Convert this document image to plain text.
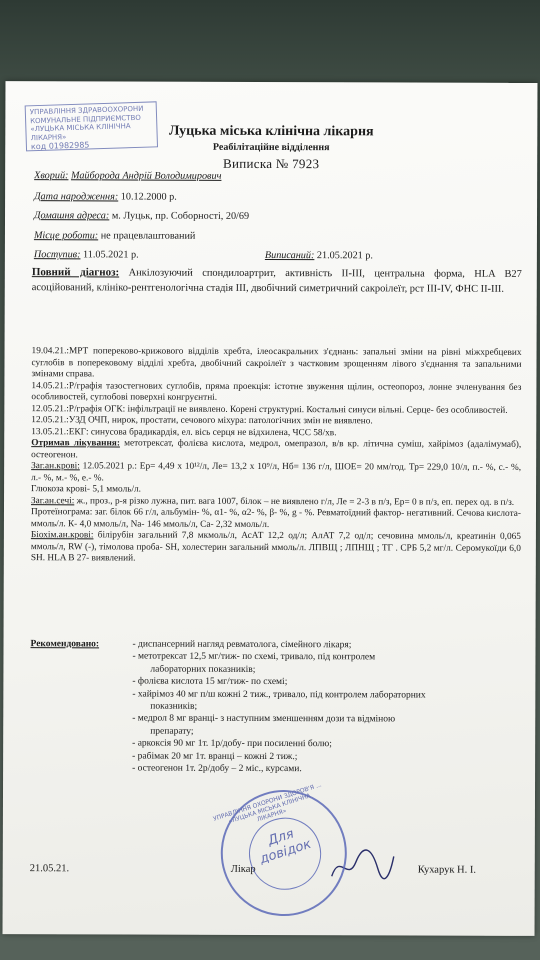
УПРАВЛІННЯ ЗДРАВООХОРОНИ
КОМУНАЛЬНЕ ПІДПРИЄМСТВО
«ЛУЦЬКА МІСЬКА КЛІНІЧНА
ЛІКАРНЯ»
код 01982985
Луцька міська клінічна лікарня
Реабілітаційне відділення
Виписка № 7923
Хворий: Майборода Андрій Володимирович
Дата народження: 10.12.2000 р.
Домашня адреса: м. Луцьк, пр. Соборності, 20/69
Місце роботи: не працевлаштований
Поступив: 11.05.2021 р.	Виписаний: 21.05.2021 р.
Повний діагноз: Анкілозуючий спондилоартрит, активність ІІ-ІІІ, центральна форма, HLA B27 асоційований, клініко-рентгенологічна стадія ІІІ, двобічний симетричний сакроілеїт, рст ІІІ-IV, ФНС ІІ-ІІІ.

19.04.21.:МРТ попереково-крижового відділів хребта, ілеосакральних з'єднань: запальні зміни на рівні міжхребцевих суглобів в поперековому відділі хребта, двобічний сакроілеїт з частковим зрощенням лівого з'єднання та запальними змінами справа.

14.05.21.:Р/графія тазостегнових суглобів, пряма проекція: істотне звуження щілин, остеопороз, лонне зчленування без особливостей, суглобові поверхні конгруєнтні.

12.05.21.:Р/графія ОГК: інфільтрації не виявлено. Корені структурні. Костальні синуси вільні. Серце- без особливостей.

12.05.21.:УЗД ОЧП, нирок, простати, сечового міхура: патологічних змін не виявлено.

13.05.21.:ЕКГ: синусова брадикардія, ел. вісь серця не відхилена, ЧСС 58/хв.

Отримав лікування: метотрексат, фолієва кислота, медрол, омепразол, в/в кр. літична суміш, хайрімоз (адалімумаб), остеогенон.

Заг.ан.крові: 12.05.2021 р.: Ер= 4,49 х 10¹²/л, Ле= 13,2 х 10⁹/л, Нб= 136 г/л, ШОЕ= 20 мм/год. Тр= 229,0 10/л, п.- %, с.- %, л.- %, м.- %, е.- %.

Глюкоза крові- 5,1 ммоль/л.

Заг.ан.сечі: ж., проз., р-я різко лужна, пит. вага 1007, білок – не виявлено г/л, Ле = 2-3 в п/з, Ер= 0 в п/з, еп. перех од. в п/з.

Протеїнограма: заг. білок 66 г/л, альбумін- %, α1- %, α2- %, β- %, g - %. Ревматоїдний фактор- негативний. Сечова кислота- ммоль/л. К- 4,0 ммоль/л, Na- 146 ммоль/л, Ca- 2,32 ммоль/л.

Біохім.ан.крові: білірубін загальний 7,8 мкмоль/л, АсАТ 12,2 од/л; АлАТ 7,2 од/л; сечовина ммоль/л, креатинін 0,065 ммоль/л, RW (-), тімолова проба- SH, холестерин загальний ммоль/л. ЛПВЩ ; ЛПНЩ ; ТГ . СРБ 5,2 мг/л. Серомукоїди 6,0 SH. HLA B 27- виявлений.

Рекомендовано:	- диспансерний нагляд ревматолога, сімейного лікаря;
- метотрексат 12,5 мг/тиж- по схемі, тривало, під контролем
лабораторних показників;
- фолієва кислота 15 мг/тиж- по схемі;
- хайрімоз 40 мг п/ш кожні 2 тиж., тривало, під контролем лабораторних
показників;
- медрол 8 мг вранці- з наступним зменшенням дози та відміною
препарату;
- аркоксія 90 мг 1т. 1р/добу- при посиленні болю;
- рабімак 20 мг 1т. вранці – кожні 2 тиж.;
- остеогенон 1т. 2р/добу – 2 міс., курсами.
21.05.21.	Лікар	Кухарук Н. І.
УПРАВЛІННЯ ОХОРОНИ ЗДОРОВ'Я ... «ЛУЦЬКА МІСЬКА КЛІНІЧНА ЛІКАРНЯ»
Для довідок
